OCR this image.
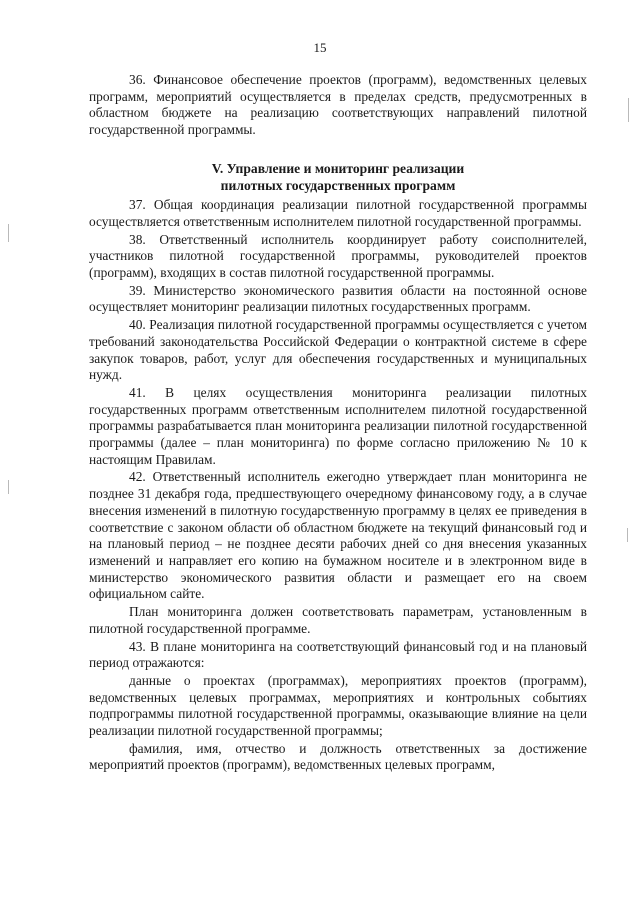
15

36. Финансовое обеспечение проектов (программ), ведомственных целевых программ, мероприятий осуществляется в пределах средств, предусмотренных в областном бюджете на реализацию соответствующих направлений пилотной государственной программы.

V. Управление и мониторинг реализации
пилотных государственных программ

37. Общая координация реализации пилотной государственной программы осуществляется ответственным исполнителем пилотной государственной программы.

38. Ответственный исполнитель координирует работу соисполнителей, участников пилотной государственной программы, руководителей проектов (программ), входящих в состав пилотной государственной программы.

39. Министерство экономического развития области на постоянной основе осуществляет мониторинг реализации пилотных государственных программ.

40. Реализация пилотной государственной программы осуществляется с учетом требований законодательства Российской Федерации о контрактной системе в сфере закупок товаров, работ, услуг для обеспечения государственных и муниципальных нужд.

41. В целях осуществления мониторинга реализации пилотных государственных программ ответственным исполнителем пилотной государственной программы разрабатывается план мониторинга реализации пилотной государственной программы (далее – план мониторинга) по форме согласно приложению № 10 к настоящим Правилам.

42. Ответственный исполнитель ежегодно утверждает план мониторинга не позднее 31 декабря года, предшествующего очередному финансовому году, а в случае внесения изменений в пилотную государственную программу в целях ее приведения в соответствие с законом области об областном бюджете на текущий финансовый год и на плановый период – не позднее десяти рабочих дней со дня внесения указанных изменений и направляет его копию на бумажном носителе и в электронном виде в министерство экономического развития области и размещает его на своем официальном сайте.

План мониторинга должен соответствовать параметрам, установленным в пилотной государственной программе.

43. В плане мониторинга на соответствующий финансовый год и на плановый период отражаются:

данные о проектах (программах), мероприятиях проектов (программ), ведомственных целевых программах, мероприятиях и контрольных событиях подпрограммы пилотной государственной программы, оказывающие влияние на цели реализации пилотной государственной программы;

фамилия, имя, отчество и должность ответственных за достижение мероприятий проектов (программ), ведомственных целевых программ,
